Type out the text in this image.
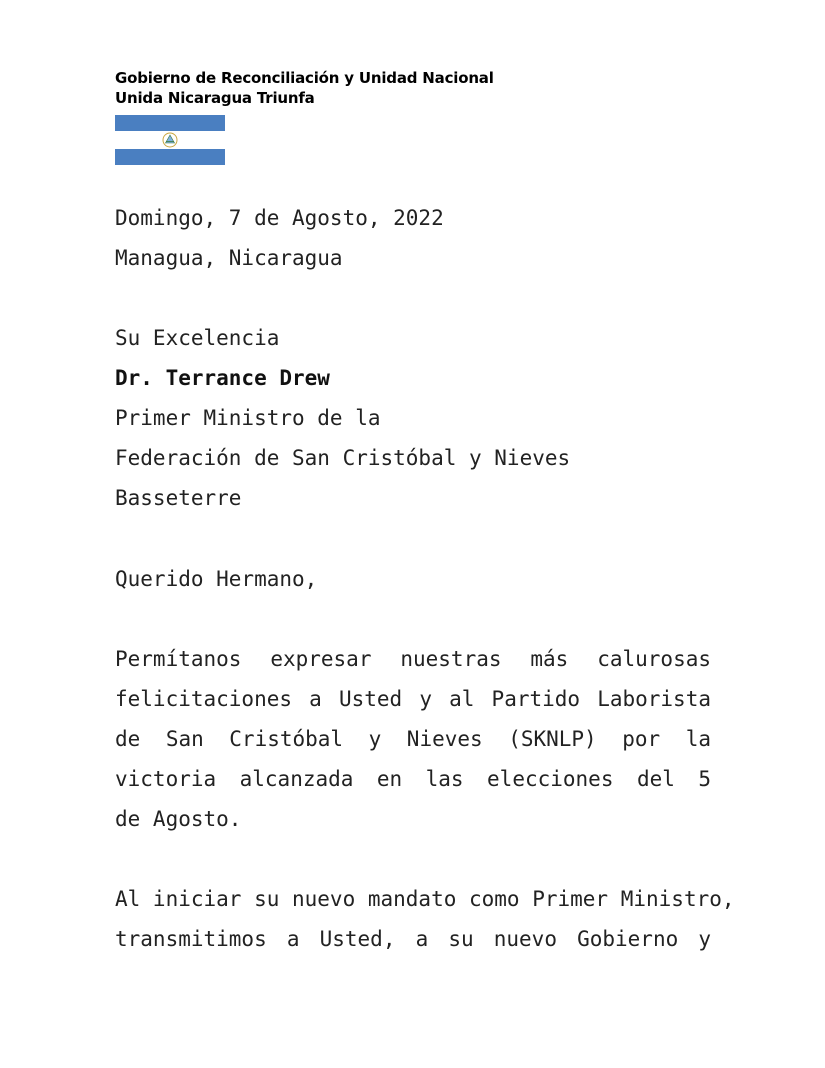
Gobierno de Reconciliación y Unidad Nacional
Unida Nicaragua Triunfa
Domingo, 7 de Agosto, 2022
Managua, Nicaragua
Su Excelencia
Dr. Terrance Drew
Primer Ministro de la
Federación de San Cristóbal y Nieves
Basseterre
Querido Hermano,
Permítanos expresar nuestras más calurosas
felicitaciones a Usted y al Partido Laborista
de San Cristóbal y Nieves (SKNLP) por la
victoria alcanzada en las elecciones del 5
de Agosto.
Al iniciar su nuevo mandato como Primer Ministro,
transmitimos a Usted, a su nuevo Gobierno y
